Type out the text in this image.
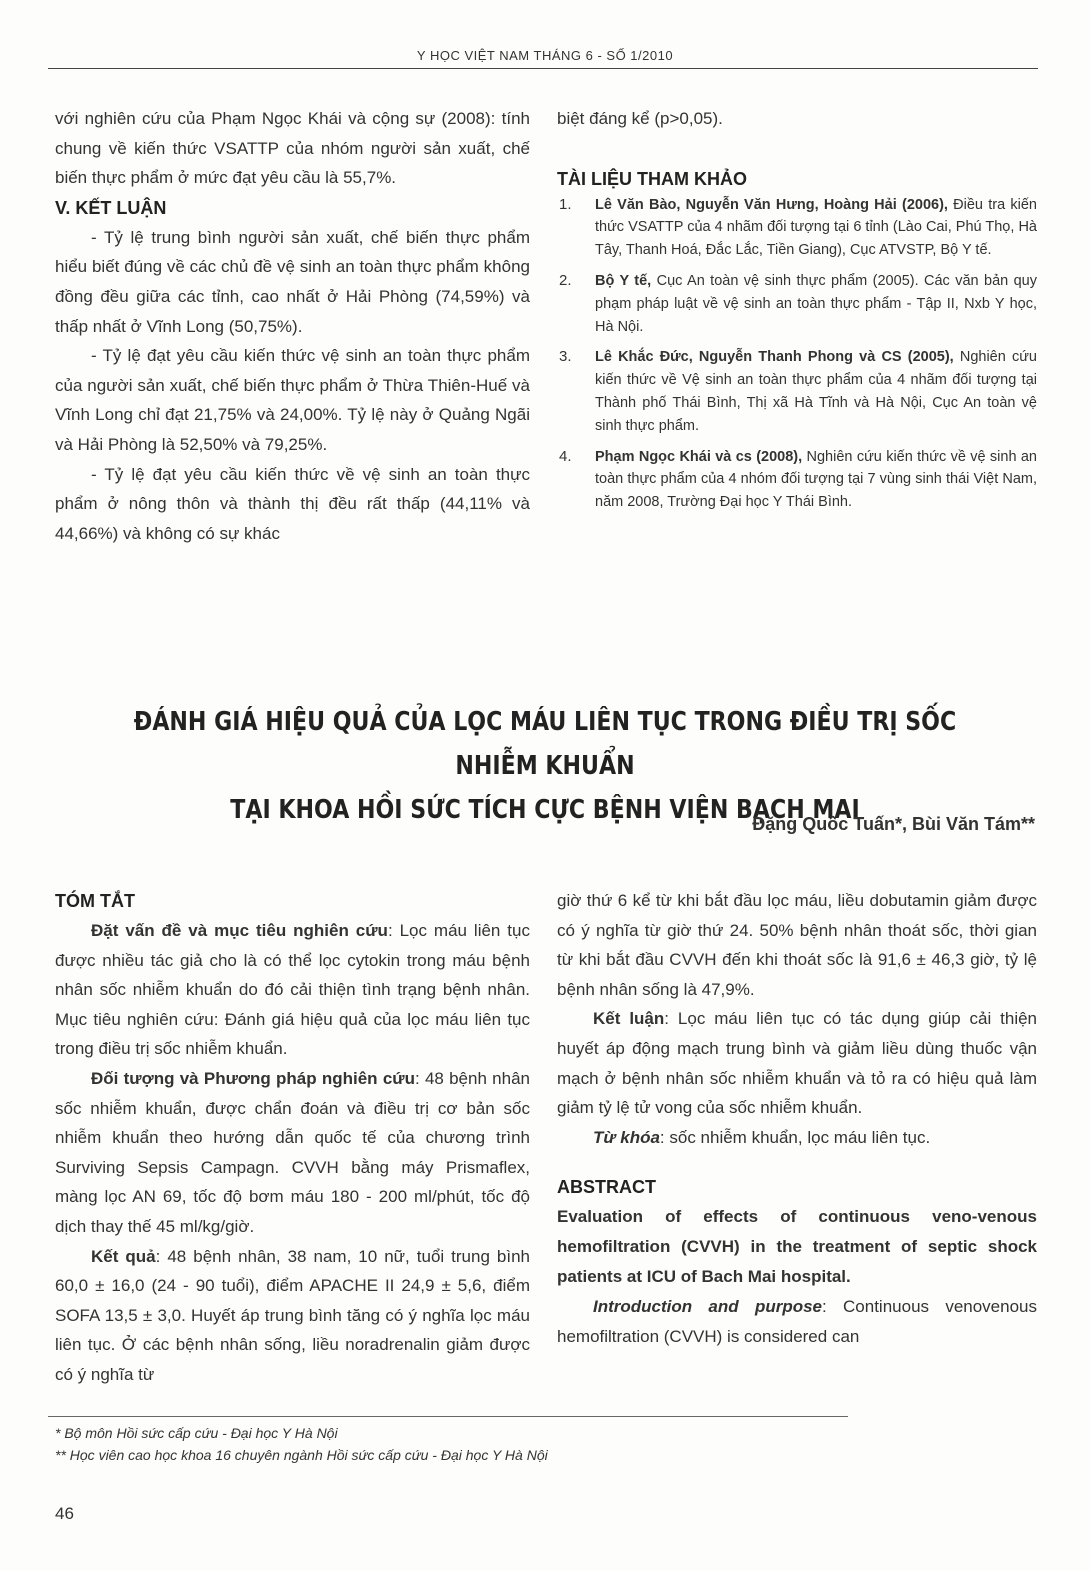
Y HỌC VIỆT NAM THÁNG 6 - SỐ 1/2010

với nghiên cứu của Phạm Ngọc Khái và cộng sự (2008): tính chung về kiến thức VSATTP của nhóm người sản xuất, chế biến thực phẩm ở mức đạt yêu cầu là 55,7%.

V. KẾT LUẬN

- Tỷ lệ trung bình người sản xuất, chế biến thực phẩm hiểu biết đúng về các chủ đề vệ sinh an toàn thực phẩm không đồng đều giữa các tỉnh, cao nhất ở Hải Phòng (74,59%) và thấp nhất ở Vĩnh Long (50,75%).

- Tỷ lệ đạt yêu cầu kiến thức vệ sinh an toàn thực phẩm của người sản xuất, chế biến thực phẩm ở Thừa Thiên-Huế và Vĩnh Long chỉ đạt 21,75% và 24,00%. Tỷ lệ này ở Quảng Ngãi và Hải Phòng là 52,50% và 79,25%.

- Tỷ lệ đạt yêu cầu kiến thức về vệ sinh an toàn thực phẩm ở nông thôn và thành thị đều rất thấp (44,11% và 44,66%) và không có sự khác

biệt đáng kể (p>0,05).

TÀI LIỆU THAM KHẢO
1. Lê Văn Bào, Nguyễn Văn Hưng, Hoàng Hải (2006), Điều tra kiến thức VSATTP của 4 nhãm đối tượng tại 6 tỉnh (Lào Cai, Phú Thọ, Hà Tây, Thanh Hoá, Đắc Lắc, Tiền Giang), Cục ATVSTP, Bộ Y tế.
2. Bộ Y tế, Cục An toàn vệ sinh thực phẩm (2005). Các văn bản quy phạm pháp luật về vệ sinh an toàn thực phẩm - Tập II, Nxb Y học, Hà Nội.
3. Lê Khắc Đức, Nguyễn Thanh Phong và CS (2005), Nghiên cứu kiến thức về Vệ sinh an toàn thực phẩm của 4 nhãm đối tượng tại Thành phố Thái Bình, Thị xã Hà Tĩnh và Hà Nội, Cục An toàn vệ sinh thực phẩm.
4. Phạm Ngọc Khái và cs (2008), Nghiên cứu kiến thức về vệ sinh an toàn thực phẩm của 4 nhóm đối tượng tại 7 vùng sinh thái Việt Nam, năm 2008, Trường Đại học Y Thái Bình.
ĐÁNH GIÁ HIỆU QUẢ CỦA LỌC MÁU LIÊN TỤC TRONG ĐIỀU TRỊ SỐC NHIỄM KHUẨN
TẠI KHOA HỒI SỨC TÍCH CỰC BỆNH VIỆN BẠCH MAI
Đặng Quốc Tuấn*, Bùi Văn Tám**
TÓM TẮT

Đặt vấn đề và mục tiêu nghiên cứu: Lọc máu liên tục được nhiều tác giả cho là có thể lọc cytokin trong máu bệnh nhân sốc nhiễm khuẩn do đó cải thiện tình trạng bệnh nhân. Mục tiêu nghiên cứu: Đánh giá hiệu quả của lọc máu liên tục trong điều trị sốc nhiễm khuẩn.

Đối tượng và Phương pháp nghiên cứu: 48 bệnh nhân sốc nhiễm khuẩn, được chẩn đoán và điều trị cơ bản sốc nhiễm khuẩn theo hướng dẫn quốc tế của chương trình Surviving Sepsis Campagn. CVVH bằng máy Prismaflex, màng lọc AN 69, tốc độ bơm máu 180 - 200 ml/phút, tốc độ dịch thay thế 45 ml/kg/giờ.

Kết quả: 48 bệnh nhân, 38 nam, 10 nữ, tuổi trung bình 60,0 ± 16,0 (24 - 90 tuổi), điểm APACHE II 24,9 ± 5,6, điểm SOFA 13,5 ± 3,0. Huyết áp trung bình tăng có ý nghĩa lọc máu liên tục. Ở các bệnh nhân sống, liều noradrenalin giảm được có ý nghĩa từ

giờ thứ 6 kể từ khi bắt đầu lọc máu, liều dobutamin giảm được có ý nghĩa từ giờ thứ 24. 50% bệnh nhân thoát sốc, thời gian từ khi bắt đầu CVVH đến khi thoát sốc là 91,6 ± 46,3 giờ, tỷ lệ bệnh nhân sống là 47,9%.

Kết luận: Lọc máu liên tục có tác dụng giúp cải thiện huyết áp động mạch trung bình và giảm liều dùng thuốc vận mạch ở bệnh nhân sốc nhiễm khuẩn và tỏ ra có hiệu quả làm giảm tỷ lệ tử vong của sốc nhiễm khuẩn.

Từ khóa: sốc nhiễm khuẩn, lọc máu liên tục.

ABSTRACT

Evaluation of effects of continuous veno-venous hemofiltration (CVVH) in the treatment of septic shock patients at ICU of Bach Mai hospital.

Introduction and purpose: Continuous venovenous hemofiltration (CVVH) is considered can

* Bộ môn Hồi sức cấp cứu - Đại học Y Hà Nội
** Học viên cao học khoa 16 chuyên ngành Hồi sức cấp cứu - Đại học Y Hà Nội
46
